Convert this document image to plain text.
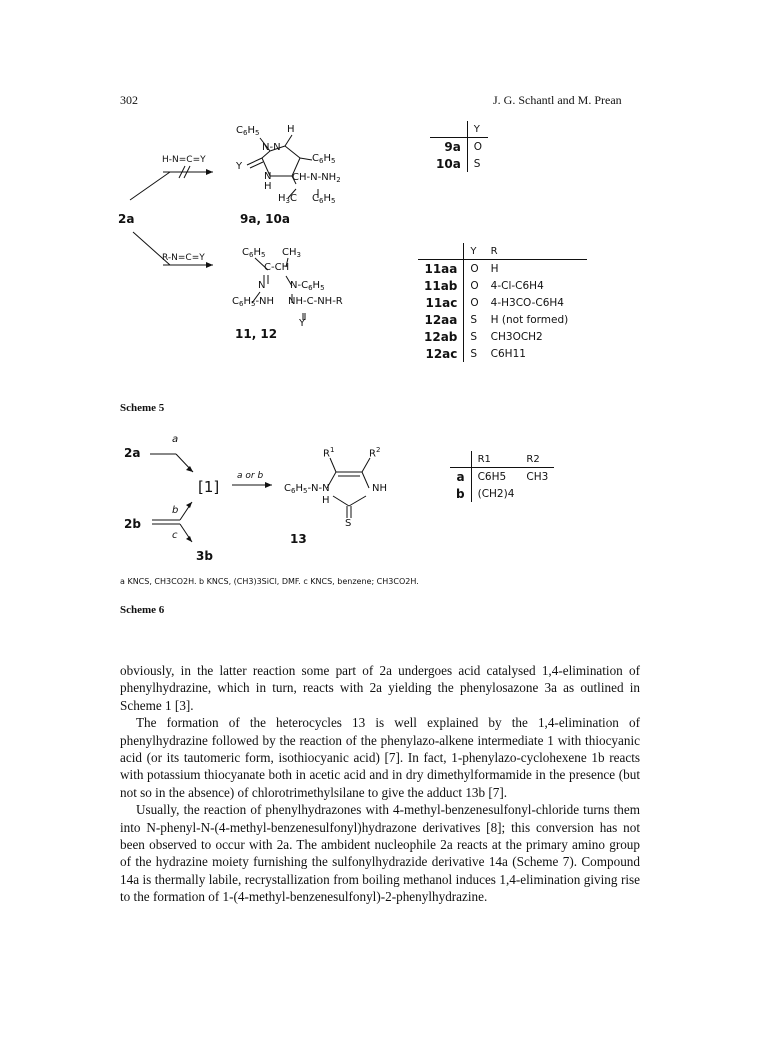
302	J. G. Schantl and M. Prean
2a
H-N=C=Y
R-N=C=Y
$C_6H_5$	H
N-N
$C_6H_5$
Y
N
H
$CH-N-NH_2$
$H_3C$ $C_6H_5$
9a, 10a
$C_6H_5$ $CH_3$
C-CH
N $N-C_6H_5$
$C_6H_5-NH$ NH-C-NH-R
Y
11, 12
	Y
9a	O
10a	S
	Y	R
11aa	O	H
11ab	O	4-Cl-C6H4
11ac	O	4-H3CO-C6H4
12aa	S	H (not formed)
12ab	S	CH3OCH2
12ac	S	C6H11
Scheme 5
2a
a
[1]
a or b
b
2b
c
3b
$R^1$	$R^2$
$C_6H_5-N-N$	NH
H
S
13
	R1	R2
a	C6H5	CH3
b	(CH2)4	
a KNCS, CH3CO2H. b KNCS, (CH3)3SiCl, DMF. c KNCS, benzene; CH3CO2H.
Scheme 6

obviously, in the latter reaction some part of 2a undergoes acid catalysed 1,4-elimination of phenylhydrazine, which in turn, reacts with 2a yielding the phenylosazone 3a as outlined in Scheme 1 [3].

The formation of the heterocycles 13 is well explained by the 1,4-elimination of phenylhydrazine followed by the reaction of the phenylazo-alkene intermediate 1 with thiocyanic acid (or its tautomeric form, isothiocyanic acid) [7]. In fact, 1-phenylazo-cyclohexene 1b reacts with potassium thiocyanate both in acetic acid and in dry dimethylformamide in the presence (but not so in the absence) of chlorotrimethylsilane to give the adduct 13b [7].

Usually, the reaction of phenylhydrazones with 4-methyl-benzenesulfonyl-chloride turns them into N-phenyl-N-(4-methyl-benzenesulfonyl)hydrazone derivatives [8]; this conversion has not been observed to occur with 2a. The ambident nucleophile 2a reacts at the primary amino group of the hydrazine moiety furnishing the sulfonylhydrazide derivative 14a (Scheme 7). Compound 14a is thermally labile, recrystallization from boiling methanol induces 1,4-elimination giving rise to the formation of 1-(4-methyl-benzenesulfonyl)-2-phenylhydrazine.
